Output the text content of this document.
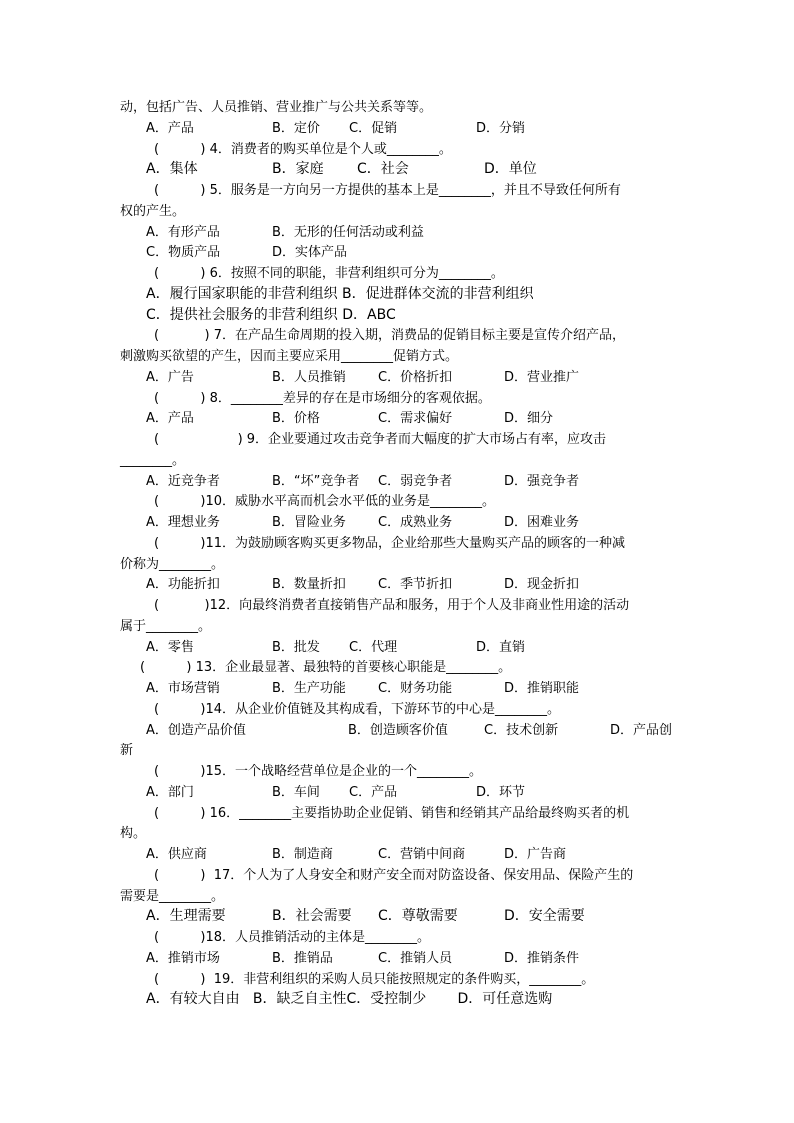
动，包括广告、人员推销、营业推广与公共关系等等。
A．产品	B．定价 C．促销	D．分销
(          ) 4．消费者的购买单位是个人或________。
A．集体	B．家庭 C．社会	D．单位
(          ) 5．服务是一方向另一方提供的基本上是________，并且不导致任何所有
权的产生。
A．有形产品	B．无形的任何活动或利益
C．物质产品	D．实体产品
(          ) 6．按照不同的职能，非营利组织可分为________。
A．履行国家职能的非营利组织 B．促进群体交流的非营利组织
C．提供社会服务的非营利组织 D．ABC
(           ) 7．在产品生命周期的投入期，消费品的促销目标主要是宣传介绍产品，
刺激购买欲望的产生，因而主要应采用________促销方式。
A．广告	B．人员推销 C．价格折扣	D．营业推广
(          ) 8．________差异的存在是市场细分的客观依据。
A．产品	B．价格	C．需求偏好	D．细分
(                   ) 9．企业要通过攻击竞争者而大幅度的扩大市场占有率，应攻击
________。
A．近竞争者	B．“坏”竞争者 C．弱竞争者	D．强竞争者
(          )10．威胁水平高而机会水平低的业务是________。
A．理想业务	B．冒险业务 C．成熟业务	D．困难业务
(          )11．为鼓励顾客购买更多物品，企业给那些大量购买产品的顾客的一种减
价称为________。
A．功能折扣	B．数量折扣 C．季节折扣	D．现金折扣
(           )12．向最终消费者直接销售产品和服务，用于个人及非商业性用途的活动
属于________。
A．零售	B．批发 C．代理	D．直销
(          ) 13．企业最显著、最独特的首要核心职能是________。
A．市场营销	B．生产功能 C．财务功能	D．推销职能
(          )14．从企业价值链及其构成看，下游环节的中心是________。
A．创造产品价值	B．创造顾客价值	C．技术创新	D．产品创
新
(          )15．一个战略经营单位是企业的一个________。
A．部门	B．车间 C．产品	D．环节
(          ) 16．________主要指协助企业促销、销售和经销其产品给最终购买者的机
构。
A．供应商	B．制造商	C．营销中间商	D．广告商
(          )  17．个人为了人身安全和财产安全而对防盗设备、保安用品、保险产生的
需要是________。
A．生理需要	B．社会需要 C．尊敬需要	D．安全需要
(          )18．人员推销活动的主体是________。
A．推销市场	B．推销品	C．推销人员	D．推销条件
(          )  19．非营利组织的采购人员只能按照规定的条件购买，________。
A．有较大自由   B．缺乏自主性C．受控制少       D．可任意选购
